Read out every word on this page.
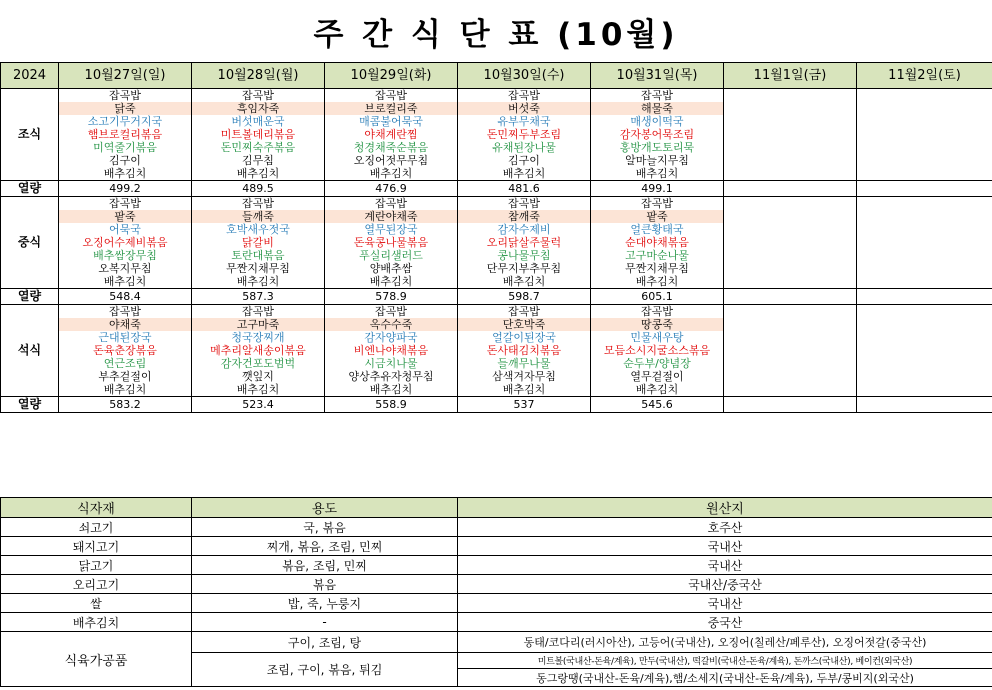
주 간 식 단 표 (10월)
2024	10월27일(일)	10월28일(월)	10월29일(화)	10월30일(수)	10월31일(목)	11월1일(금)	11월2일(토)
조식	잡곡밥	잡곡밥	잡곡밥	잡곡밥	잡곡밥		
	닭죽	흑임자죽	브로컬리죽	버섯죽	해물죽		
	소고기무거지국	버섯매운국	매콤불어묵국	유부무채국	매생이떡국		
	햄브로컬리볶음	미트볼데리볶음	야채계란찜	돈민찌두부조림	감자봉어묵조림		
	미역줄기볶음	돈민찌숙주볶음	청경채죽순볶음	유채된장나물	홍방개도토리묵		
	김구이	김무침	오징어젓무무침	김구이	알마늘지무침		
	배추김치	배추김치	배추김치	배추김치	배추김치		
열량	499.2	489.5	476.9	481.6	499.1		
중식	잡곡밥	잡곡밥	잡곡밥	잡곡밥	잡곡밥		
	팥죽	들깨죽	계란야채죽	참깨죽	팥죽		
	어묵국	호박새우젓국	열무된장국	감자수제비	얼큰황태국		
	오징어수제비볶음	닭갈비	돈육콩나물볶음	오리닭살주물럭	순대야채볶음		
	배추쌈장무침	토란대볶음	푸실리샐러드	콩나물무침	고구마순나물		
	오복지무침	무짠지채무침	양배추쌈	단무지부추무침	무짠지채무침		
	배추김치	배추김치	배추김치	배추김치	배추김치		
열량	548.4	587.3	578.9	598.7	605.1		
석식	잡곡밥	잡곡밥	잡곡밥	잡곡밥	잡곡밥		
	야채죽	고구마죽	옥수수죽	단호박죽	땅콩죽		
	근대된장국	청국장찌개	감자양파국	얼갈이된장국	민물새우탕		
	돈육춘장볶음	메추리알새송이볶음	비엔나야채볶음	돈사태김치볶음	모듬소시지굴소스볶음		
	연근조림	감자건포도범벅	시금치나물	들깨무나물	순두부/양념장		
	부추겉절이	깻잎지	양상추유자청무침	삼색겨자무침	열무겉절이		
	배추김치	배추김치	배추김치	배추김치	배추김치		
열량	583.2	523.4	558.9	537	545.6		
식자재	용도	원산지
쇠고기	국, 볶음	호주산
돼지고기	찌개, 볶음, 조림, 민찌	국내산
닭고기	볶음, 조림, 민찌	국내산
오리고기	볶음	국내산/중국산
쌀	밥, 죽, 누룽지	국내산
배추김치	-	중국산
식육가공품	구이, 조림, 탕	동태/코다리(러시아산), 고등어(국내산), 오징어(칠레산/페루산), 오징어젓갈(중국산)
	조림, 구이, 볶음, 튀김	미트볼(국내산-돈육/계육), 만두(국내산), 떡갈비(국내산-돈육/계육), 돈까스(국내산), 베이컨(외국산)
		동그랑땡(국내산-돈육/계육),햄/소세지(국내산-돈육/계육), 두부/콩비지(외국산)
